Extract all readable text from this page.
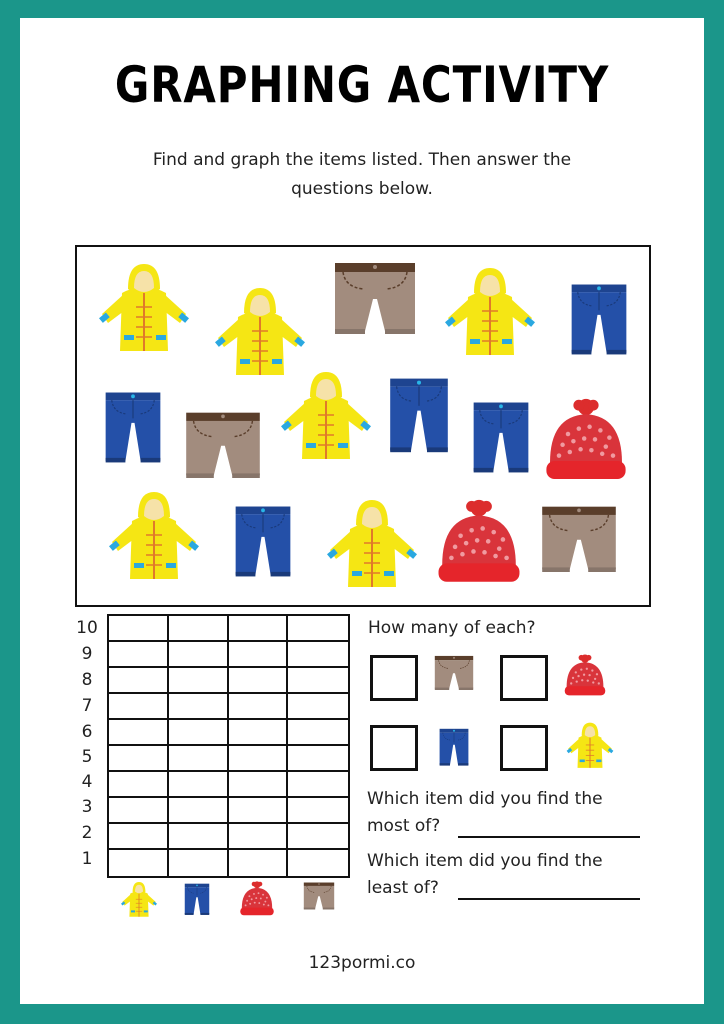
GRAPHING ACTIVITY
Find and graph the items listed. Then answer the
questions below.
10
9
8
7
6
5
4
3
2
1
How many of each?
Which item did you find the
most of?
Which item did you find the
least of?
123pormi.co
